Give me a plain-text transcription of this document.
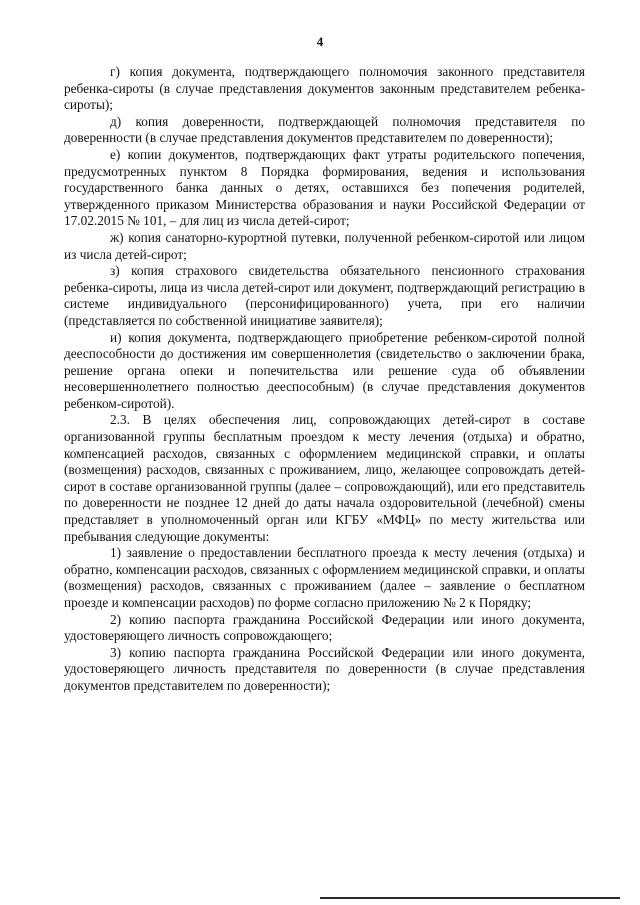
4

г) копия документа, подтверждающего полномочия законного представителя ребенка-сироты (в случае представления документов законным представителем ребенка-сироты);

д) копия доверенности, подтверждающей полномочия представителя по доверенности (в случае представления документов представителем по доверенности);

е) копии документов, подтверждающих факт утраты родительского попечения, предусмотренных пунктом 8 Порядка формирования, ведения и использования государственного банка данных о детях, оставшихся без попечения родителей, утвержденного приказом Министерства образования и науки Российской Федерации от 17.02.2015 № 101, – для лиц из числа детей-сирот;

ж) копия санаторно-курортной путевки, полученной ребенком-сиротой или лицом из числа детей-сирот;

з) копия страхового свидетельства обязательного пенсионного страхования ребенка-сироты, лица из числа детей-сирот или документ, подтверждающий регистрацию в системе индивидуального (персонифицированного) учета, при его наличии (представляется по собственной инициативе заявителя);

и) копия документа, подтверждающего приобретение ребенком-сиротой полной дееспособности до достижения им совершеннолетия (свидетельство о заключении брака, решение органа опеки и попечительства или решение суда об объявлении несовершеннолетнего полностью дееспособным) (в случае представления документов ребенком-сиротой).

2.3. В целях обеспечения лиц, сопровождающих детей-сирот в составе организованной группы бесплатным проездом к месту лечения (отдыха) и обратно, компенсацией расходов, связанных с оформлением медицинской справки, и оплаты (возмещения) расходов, связанных с проживанием, лицо, желающее сопровождать детей-сирот в составе организованной группы (далее – сопровождающий), или его представитель по доверенности не позднее 12 дней до даты начала оздоровительной (лечебной) смены представляет в уполномоченный орган или КГБУ «МФЦ» по месту жительства или пребывания следующие документы:

1) заявление о предоставлении бесплатного проезда к месту лечения (отдыха) и обратно, компенсации расходов, связанных с оформлением медицинской справки, и оплаты (возмещения) расходов, связанных с проживанием (далее – заявление о бесплатном проезде и компенсации расходов) по форме согласно приложению № 2 к Порядку;

2) копию паспорта гражданина Российской Федерации или иного документа, удостоверяющего личность сопровождающего;

3) копию паспорта гражданина Российской Федерации или иного документа, удостоверяющего личность представителя по доверенности (в случае представления документов представителем по доверенности);
